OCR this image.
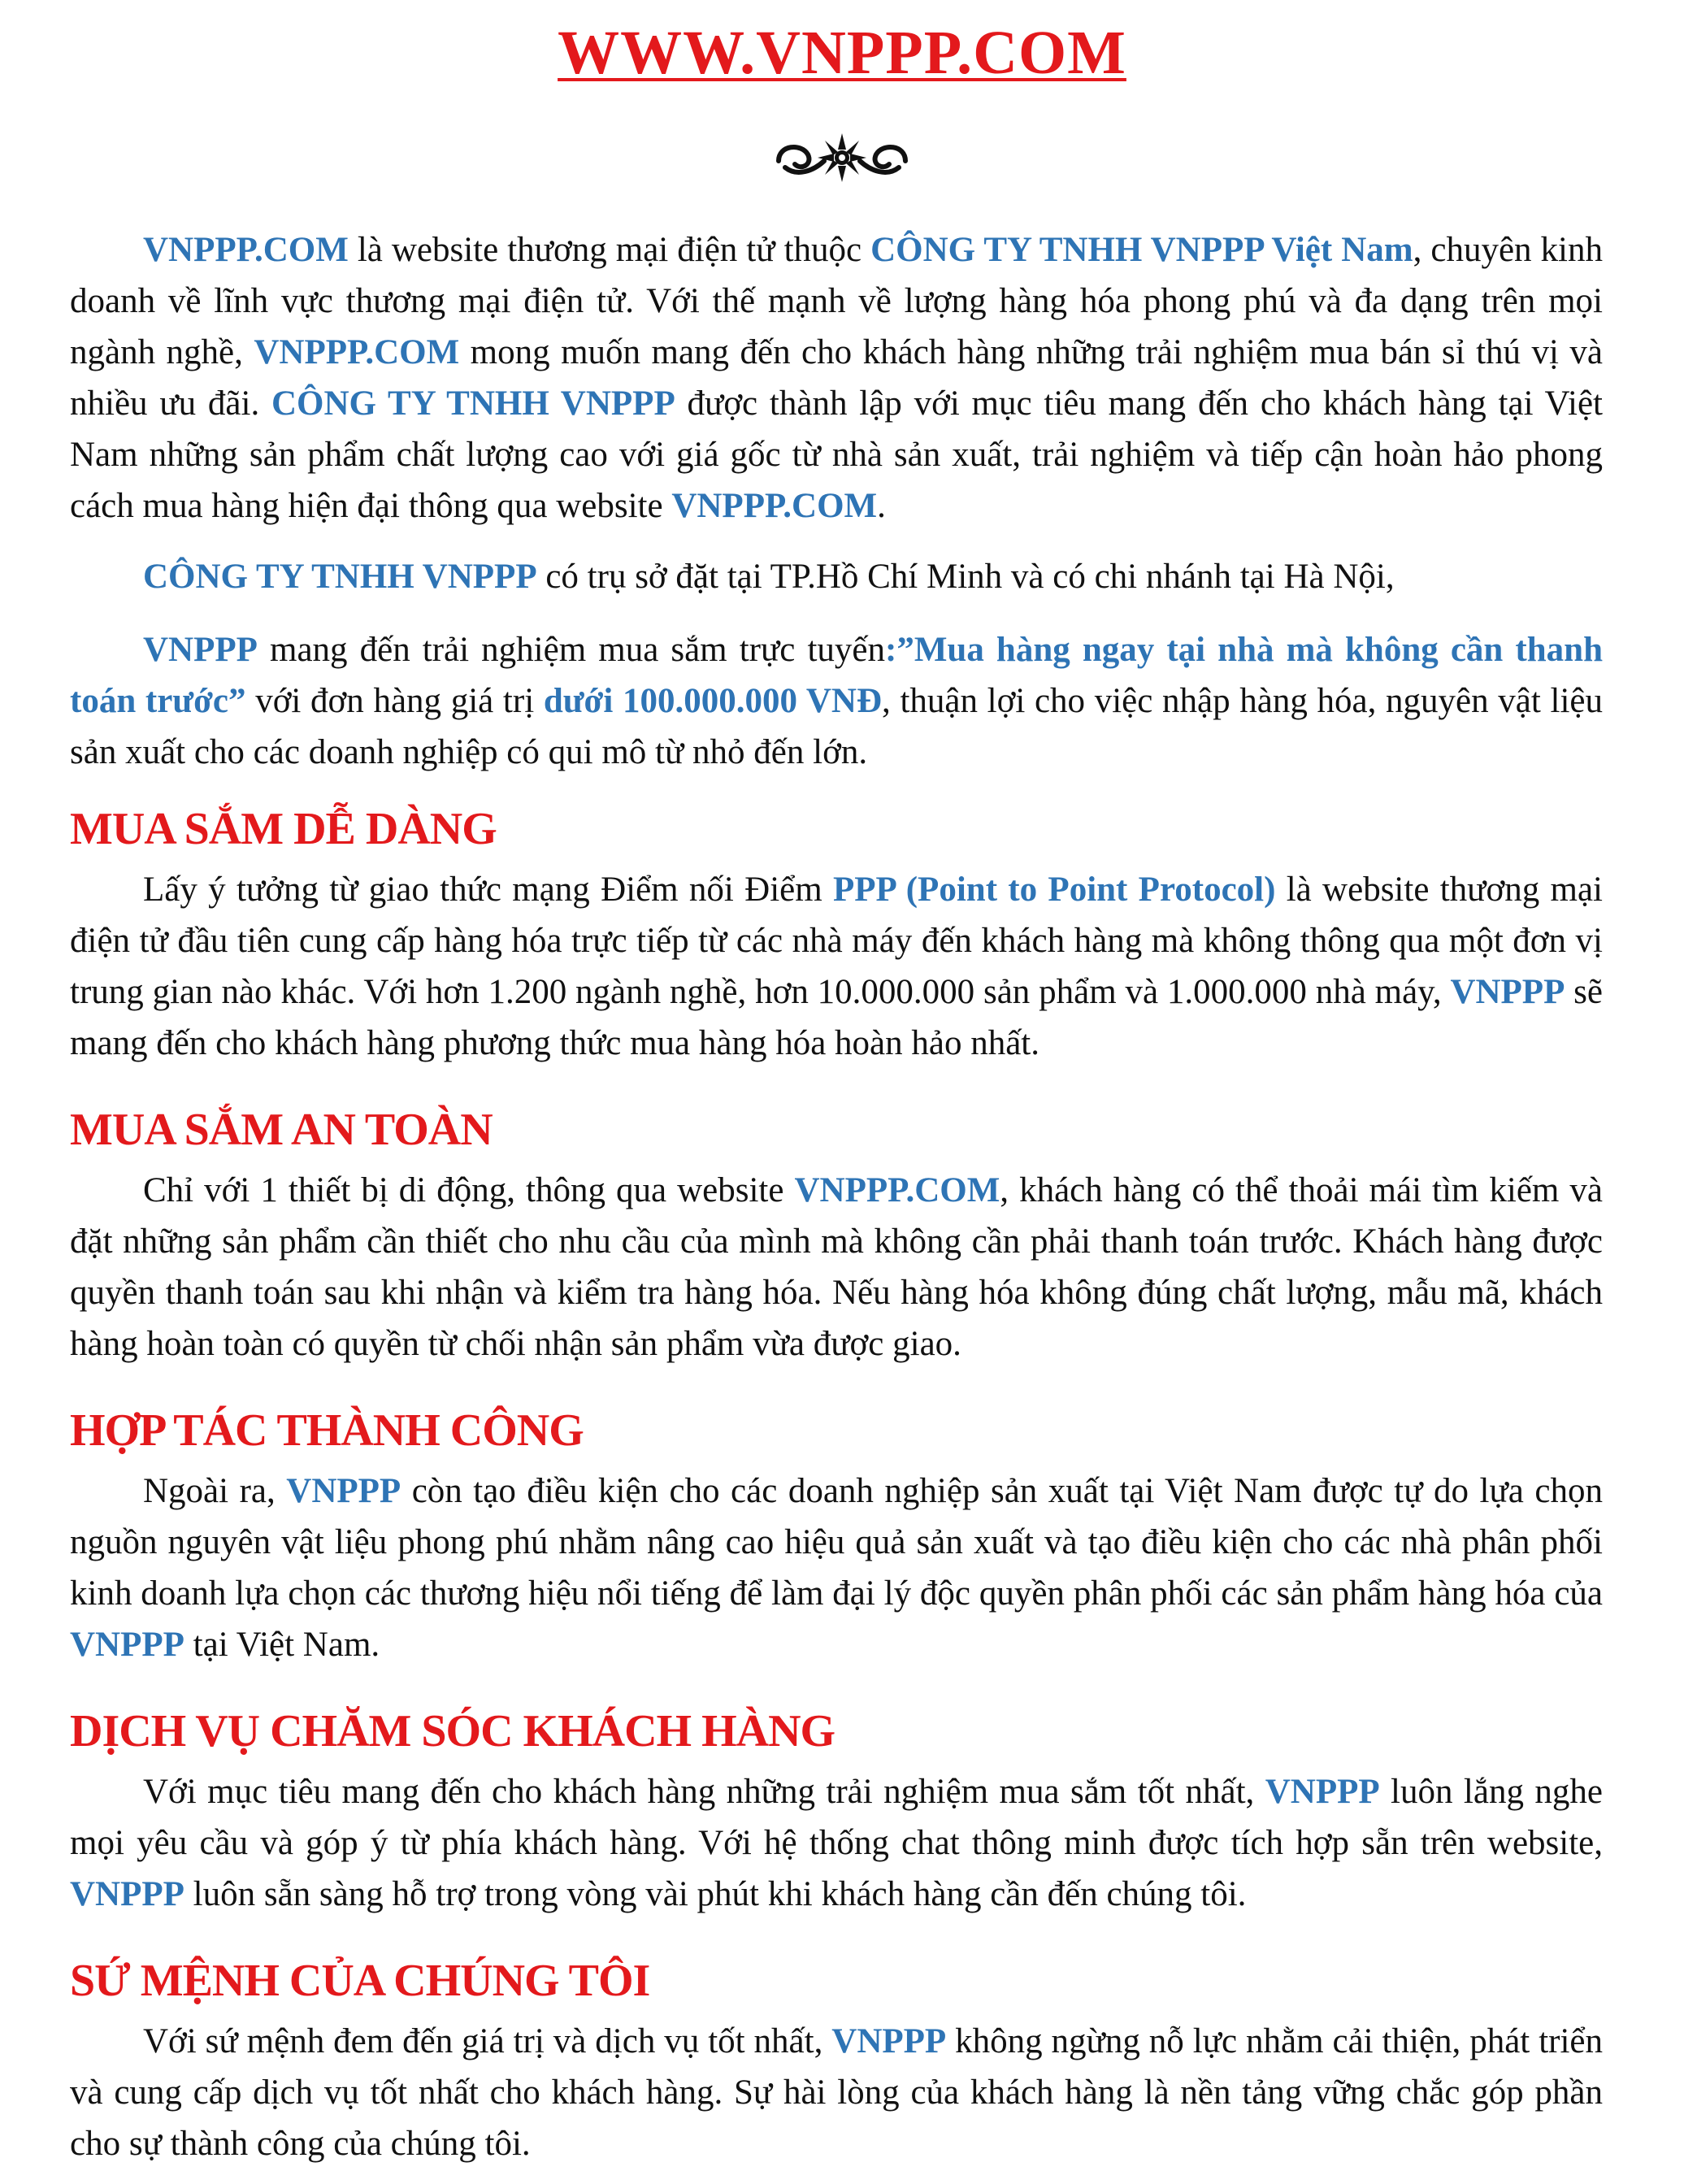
WWW.VNPPP.COM

VNPPP.COM là website thương mại điện tử thuộc CÔNG TY TNHH VNPPP Việt Nam, chuyên kinh doanh về lĩnh vực thương mại điện tử. Với thế mạnh về lượng hàng hóa phong phú và đa dạng trên mọi ngành nghề, VNPPP.COM mong muốn mang đến cho khách hàng những trải nghiệm mua bán sỉ thú vị và nhiều ưu đãi. CÔNG TY TNHH VNPPP được thành lập với mục tiêu mang đến cho khách hàng tại Việt Nam những sản phẩm chất lượng cao với giá gốc từ nhà sản xuất, trải nghiệm và tiếp cận hoàn hảo phong cách mua hàng hiện đại thông qua website VNPPP.COM.

CÔNG TY TNHH VNPPP có trụ sở đặt tại TP.Hồ Chí Minh và có chi nhánh tại Hà Nội,

VNPPP mang đến trải nghiệm mua sắm trực tuyến:”Mua hàng ngay tại nhà mà không cần thanh toán trước” với đơn hàng giá trị dưới 100.000.000 VNĐ, thuận lợi cho việc nhập hàng hóa, nguyên vật liệu sản xuất cho các doanh nghiệp có qui mô từ nhỏ đến lớn.

MUA SẮM DỄ DÀNG

Lấy ý tưởng từ giao thức mạng Điểm nối Điểm PPP (Point to Point Protocol) là website thương mại điện tử đầu tiên cung cấp hàng hóa trực tiếp từ các nhà máy đến khách hàng mà không thông qua một đơn vị trung gian nào khác. Với hơn 1.200 ngành nghề, hơn 10.000.000 sản phẩm và 1.000.000 nhà máy, VNPPP sẽ mang đến cho khách hàng phương thức mua hàng hóa hoàn hảo nhất.

MUA SẮM AN TOÀN

Chỉ với 1 thiết bị di động, thông qua website VNPPP.COM, khách hàng có thể thoải mái tìm kiếm và đặt những sản phẩm cần thiết cho nhu cầu của mình mà không cần phải thanh toán trước. Khách hàng được quyền thanh toán sau khi nhận và kiểm tra hàng hóa. Nếu hàng hóa không đúng chất lượng, mẫu mã, khách hàng hoàn toàn có quyền từ chối nhận sản phẩm vừa được giao.

HỢP TÁC THÀNH CÔNG

Ngoài ra, VNPPP còn tạo điều kiện cho các doanh nghiệp sản xuất tại Việt Nam được tự do lựa chọn nguồn nguyên vật liệu phong phú nhằm nâng cao hiệu quả sản xuất và tạo điều kiện cho các nhà phân phối kinh doanh lựa chọn các thương hiệu nổi tiếng để làm đại lý độc quyền phân phối các sản phẩm hàng hóa của VNPPP tại Việt Nam.

DỊCH VỤ CHĂM SÓC KHÁCH HÀNG

Với mục tiêu mang đến cho khách hàng những trải nghiệm mua sắm tốt nhất, VNPPP luôn lắng nghe mọi yêu cầu và góp ý từ phía khách hàng. Với hệ thống chat thông minh được tích hợp sẵn trên website, VNPPP luôn sẵn sàng hỗ trợ trong vòng vài phút khi khách hàng cần đến chúng tôi.

SỨ MỆNH CỦA CHÚNG TÔI

Với sứ mệnh đem đến giá trị và dịch vụ tốt nhất, VNPPP không ngừng nỗ lực nhằm cải thiện, phát triển và cung cấp dịch vụ tốt nhất cho khách hàng. Sự hài lòng của khách hàng là nền tảng vững chắc góp phần cho sự thành công của chúng tôi.
